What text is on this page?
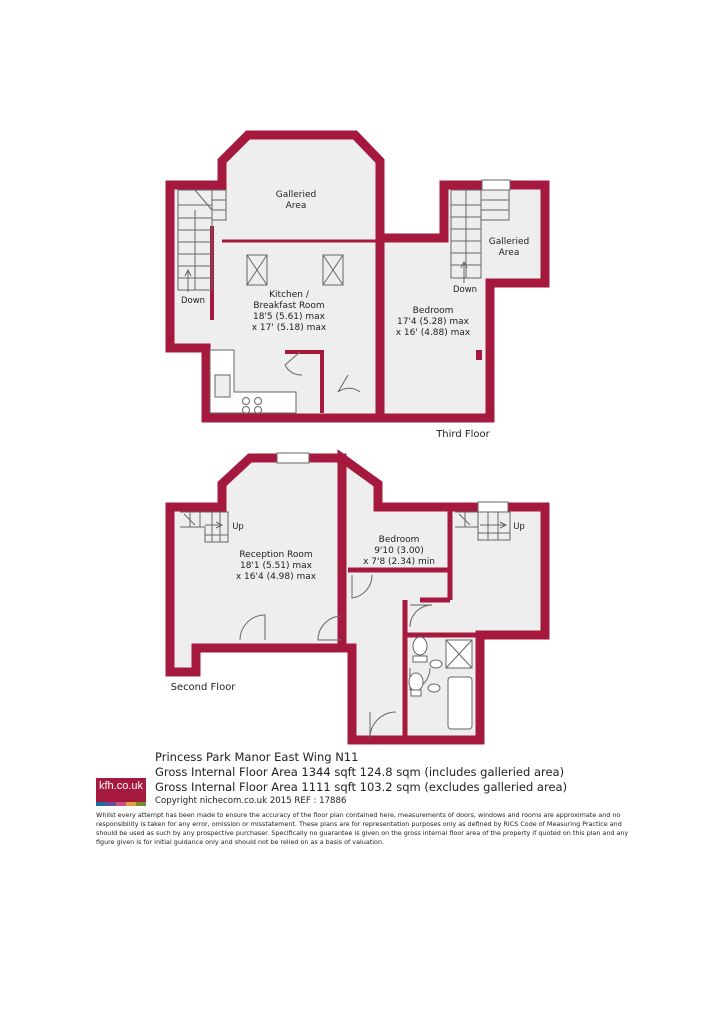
Galleried
Area
Galleried
Area
Down
Down
Kitchen /
Breakfast Room
18'5 (5.61) max
x 17' (5.18) max
Bedroom
17'4 (5.28) max
x 16' (4.88) max
Third Floor
Up	Up
Reception Room
18'1 (5.51) max
x 16'4 (4.98) max
Bedroom
9'10 (3.00)
x 7'8 (2.34) min
Second Floor
Princess Park Manor East Wing N11
Gross Internal Floor Area 1344 sqft 124.8 sqm (includes galleried area)
Gross Internal Floor Area 1111 sqft 103.2 sqm (excludes galleried area)
kfh.co.uk
Copyright nichecom.co.uk 2015 REF : 17886
Whilst every attempt has been made to ensure the accuracy of the floor plan contained here, measurements of doors, windows and rooms are approximate and no responsibility is taken for any error, omission or misstatement. These plans are for representation purposes only as defined by RICS Code of Measuring Practice and should be used as such by any prospective purchaser. Specifically no guarantee is given on the gross internal floor area of the property if quoted on this plan and any figure given is for initial guidance only and should not be relied on as a basis of valuation.
